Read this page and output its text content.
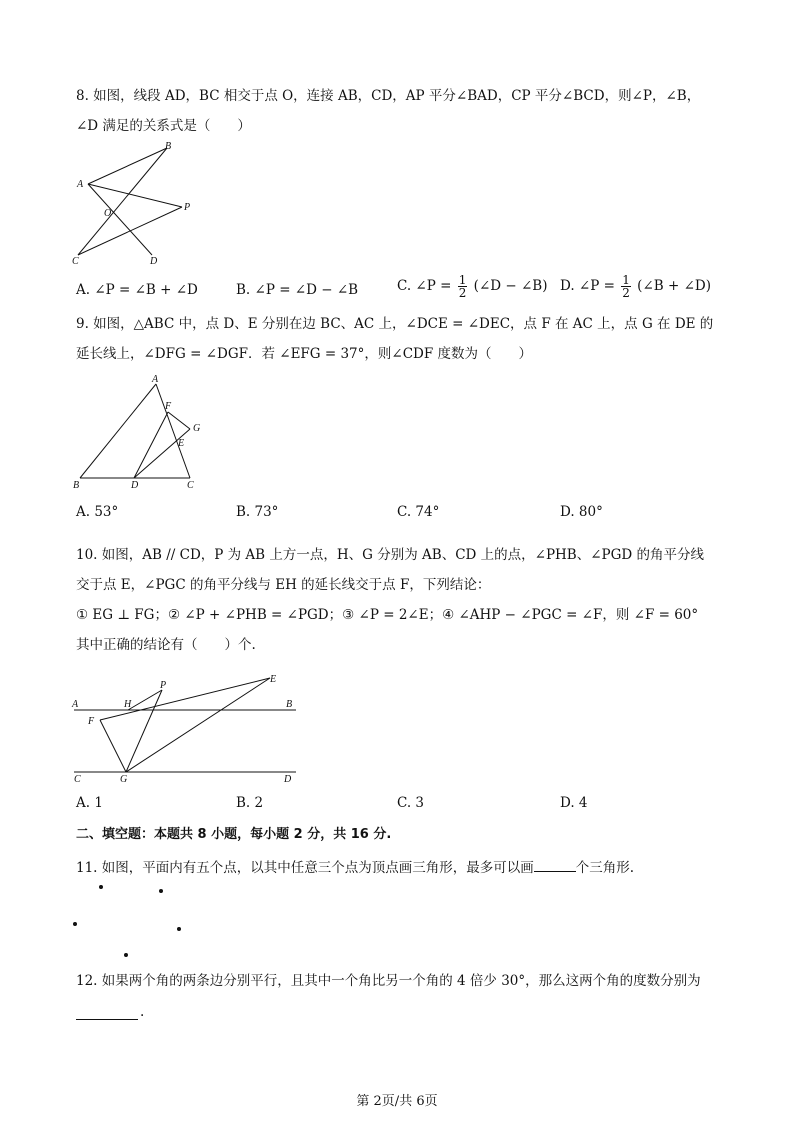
8. 如图，线段 AD，BC 相交于点 O，连接 AB，CD，AP 平分∠BAD，CP 平分∠BCD，则∠P，∠B，
∠D 满足的关系式是（　　）
B
A
O
P
C	D
A. ∠P = ∠B + ∠D	B. ∠P = ∠D − ∠B	C. ∠P = $\frac{1}{2}$ (∠D − ∠B) D. ∠P = $\frac{1}{2}$ (∠B + ∠D)
9. 如图，△ABC 中，点 D、E 分别在边 BC、AC 上，∠DCE = ∠DEC，点 F 在 AC 上，点 G 在 DE 的
延长线上，∠DFG = ∠DGF．若 ∠EFG = 37°，则∠CDF 度数为（　　）
A
F
G
E
B	D	C
A. 53°	B. 73°	C. 74°	D. 80°
10. 如图，AB // CD，P 为 AB 上方一点，H、G 分别为 AB、CD 上的点，∠PHB、∠PGD 的角平分线
交于点 E，∠PGC 的角平分线与 EH 的延长线交于点 F，下列结论：
① EG ⊥ FG；② ∠P + ∠PHB = ∠PGD；③ ∠P = 2∠E；④ ∠AHP − ∠PGC = ∠F，则 ∠F = 60°
其中正确的结论有（　　）个.
A	H
P
E
B
F
C	G	D
A. 1	B. 2	C. 3	D. 4
二、填空题：本题共 8 小题，每小题 2 分，共 16 分.
11. 如图，平面内有五个点，以其中任意三个点为顶点画三角形，最多可以画	个三角形.
12. 如果两个角的两条边分别平行，且其中一个角比另一个角的 4 倍少 30°，那么这两个角的度数分别为
.
第 2页/共 6页
